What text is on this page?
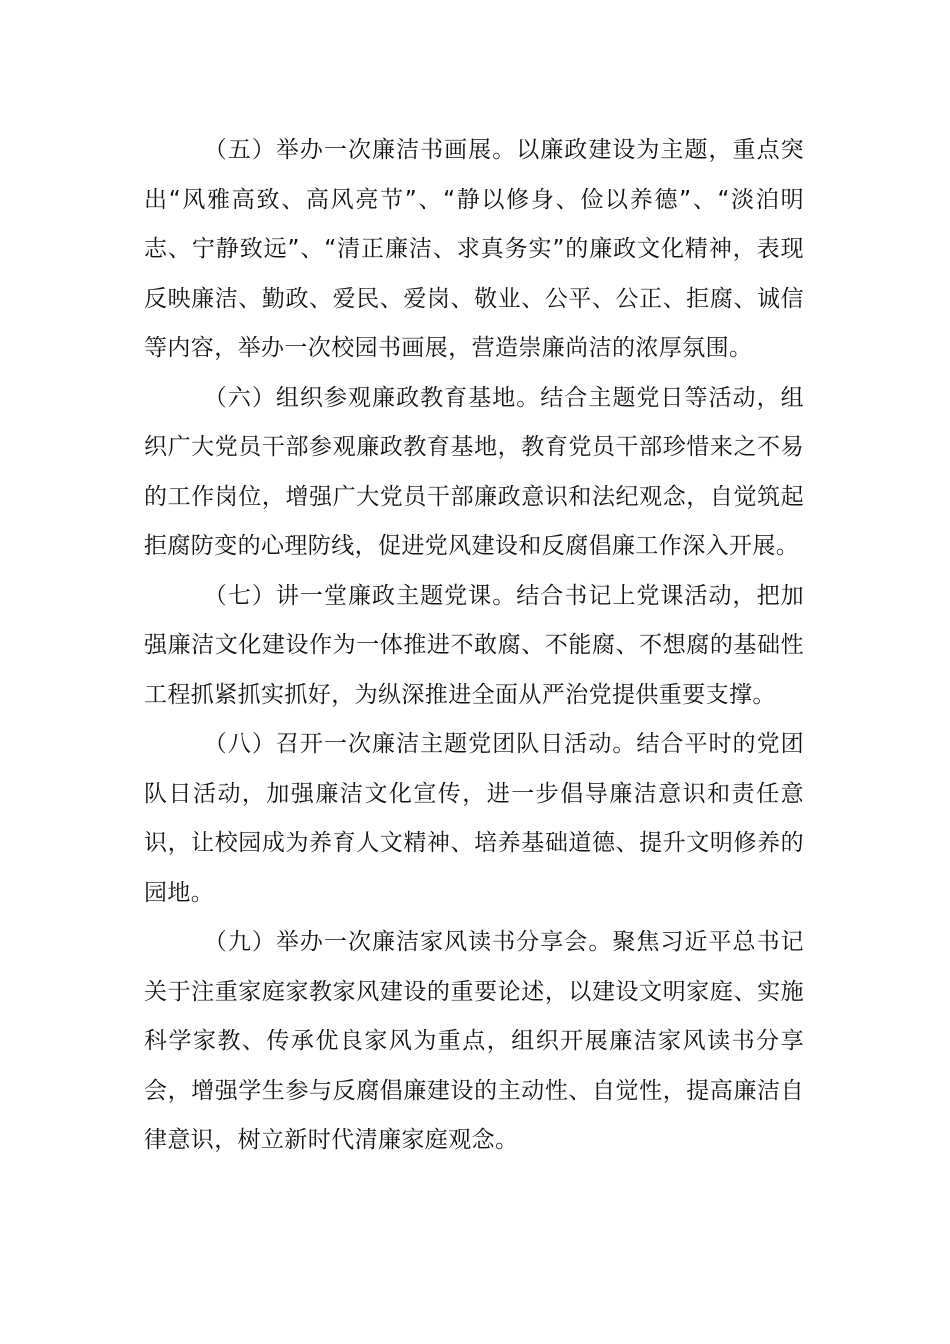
（五）举办一次廉洁书画展。以廉政建设为主题，重点突出“风雅高致、高风亮节”、“静以修身、俭以养德”、“淡泊明志、宁静致远”、“清正廉洁、求真务实”的廉政文化精神，表现反映廉洁、勤政、爱民、爱岗、敬业、公平、公正、拒腐、诚信等内容，举办一次校园书画展，营造崇廉尚洁的浓厚氛围。

（六）组织参观廉政教育基地。结合主题党日等活动，组织广大党员干部参观廉政教育基地，教育党员干部珍惜来之不易的工作岗位，增强广大党员干部廉政意识和法纪观念，自觉筑起拒腐防变的心理防线，促进党风建设和反腐倡廉工作深入开展。

（七）讲一堂廉政主题党课。结合书记上党课活动，把加强廉洁文化建设作为一体推进不敢腐、不能腐、不想腐的基础性工程抓紧抓实抓好，为纵深推进全面从严治党提供重要支撑。

（八）召开一次廉洁主题党团队日活动。结合平时的党团队日活动，加强廉洁文化宣传，进一步倡导廉洁意识和责任意识，让校园成为养育人文精神、培养基础道德、提升文明修养的园地。

（九）举办一次廉洁家风读书分享会。聚焦习近平总书记关于注重家庭家教家风建设的重要论述，以建设文明家庭、实施科学家教、传承优良家风为重点，组织开展廉洁家风读书分享会，增强学生参与反腐倡廉建设的主动性、自觉性，提高廉洁自律意识，树立新时代清廉家庭观念。
